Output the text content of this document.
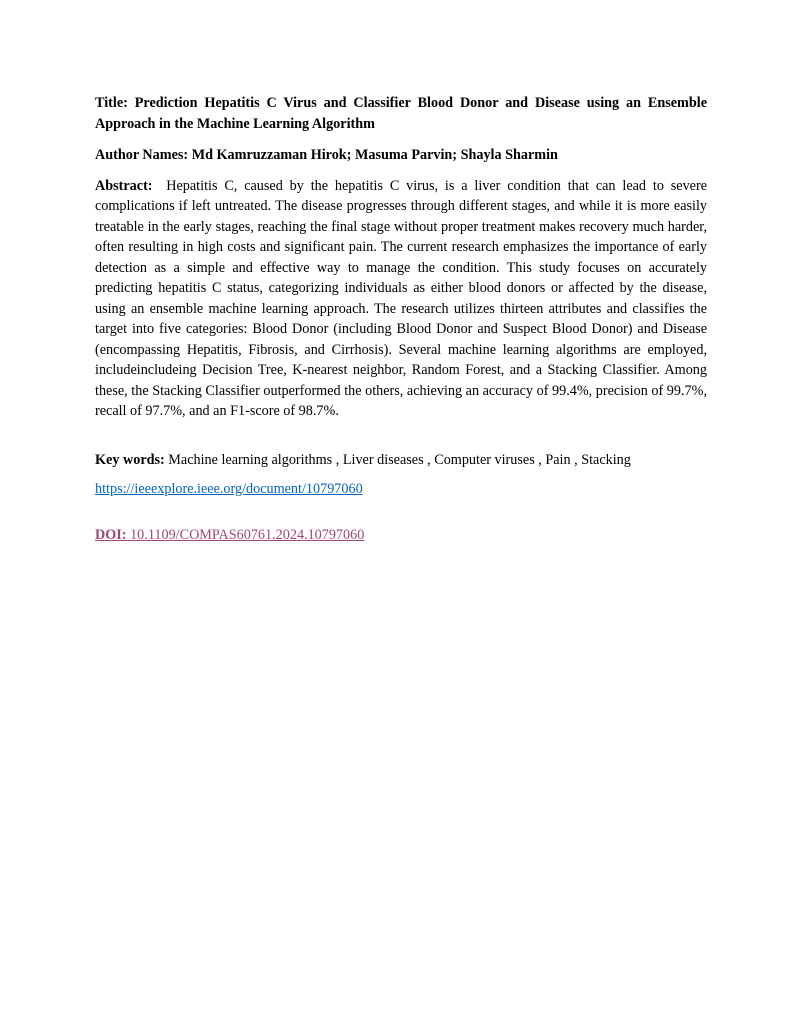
Title: Prediction Hepatitis C Virus and Classifier Blood Donor and Disease using an Ensemble Approach in the Machine Learning Algorithm

Author Names: Md Kamruzzaman Hirok; Masuma Parvin; Shayla Sharmin

Abstract: Hepatitis C, caused by the hepatitis C virus, is a liver condition that can lead to severe complications if left untreated. The disease progresses through different stages, and while it is more easily treatable in the early stages, reaching the final stage without proper treatment makes recovery much harder, often resulting in high costs and significant pain. The current research emphasizes the importance of early detection as a simple and effective way to manage the condition. This study focuses on accurately predicting hepatitis C status, categorizing individuals as either blood donors or affected by the disease, using an ensemble machine learning approach. The research utilizes thirteen attributes and classifies the target into five categories: Blood Donor (including Blood Donor and Suspect Blood Donor) and Disease (encompassing Hepatitis, Fibrosis, and Cirrhosis). Several machine learning algorithms are employed, includeincludeing Decision Tree, K-nearest neighbor, Random Forest, and a Stacking Classifier. Among these, the Stacking Classifier outperformed the others, achieving an accuracy of 99.4%, precision of 99.7%, recall of 97.7%, and an F1-score of 98.7%.

Key words: Machine learning algorithms , Liver diseases , Computer viruses , Pain , Stacking

https://ieeexplore.ieee.org/document/10797060

DOI: 10.1109/COMPAS60761.2024.10797060
